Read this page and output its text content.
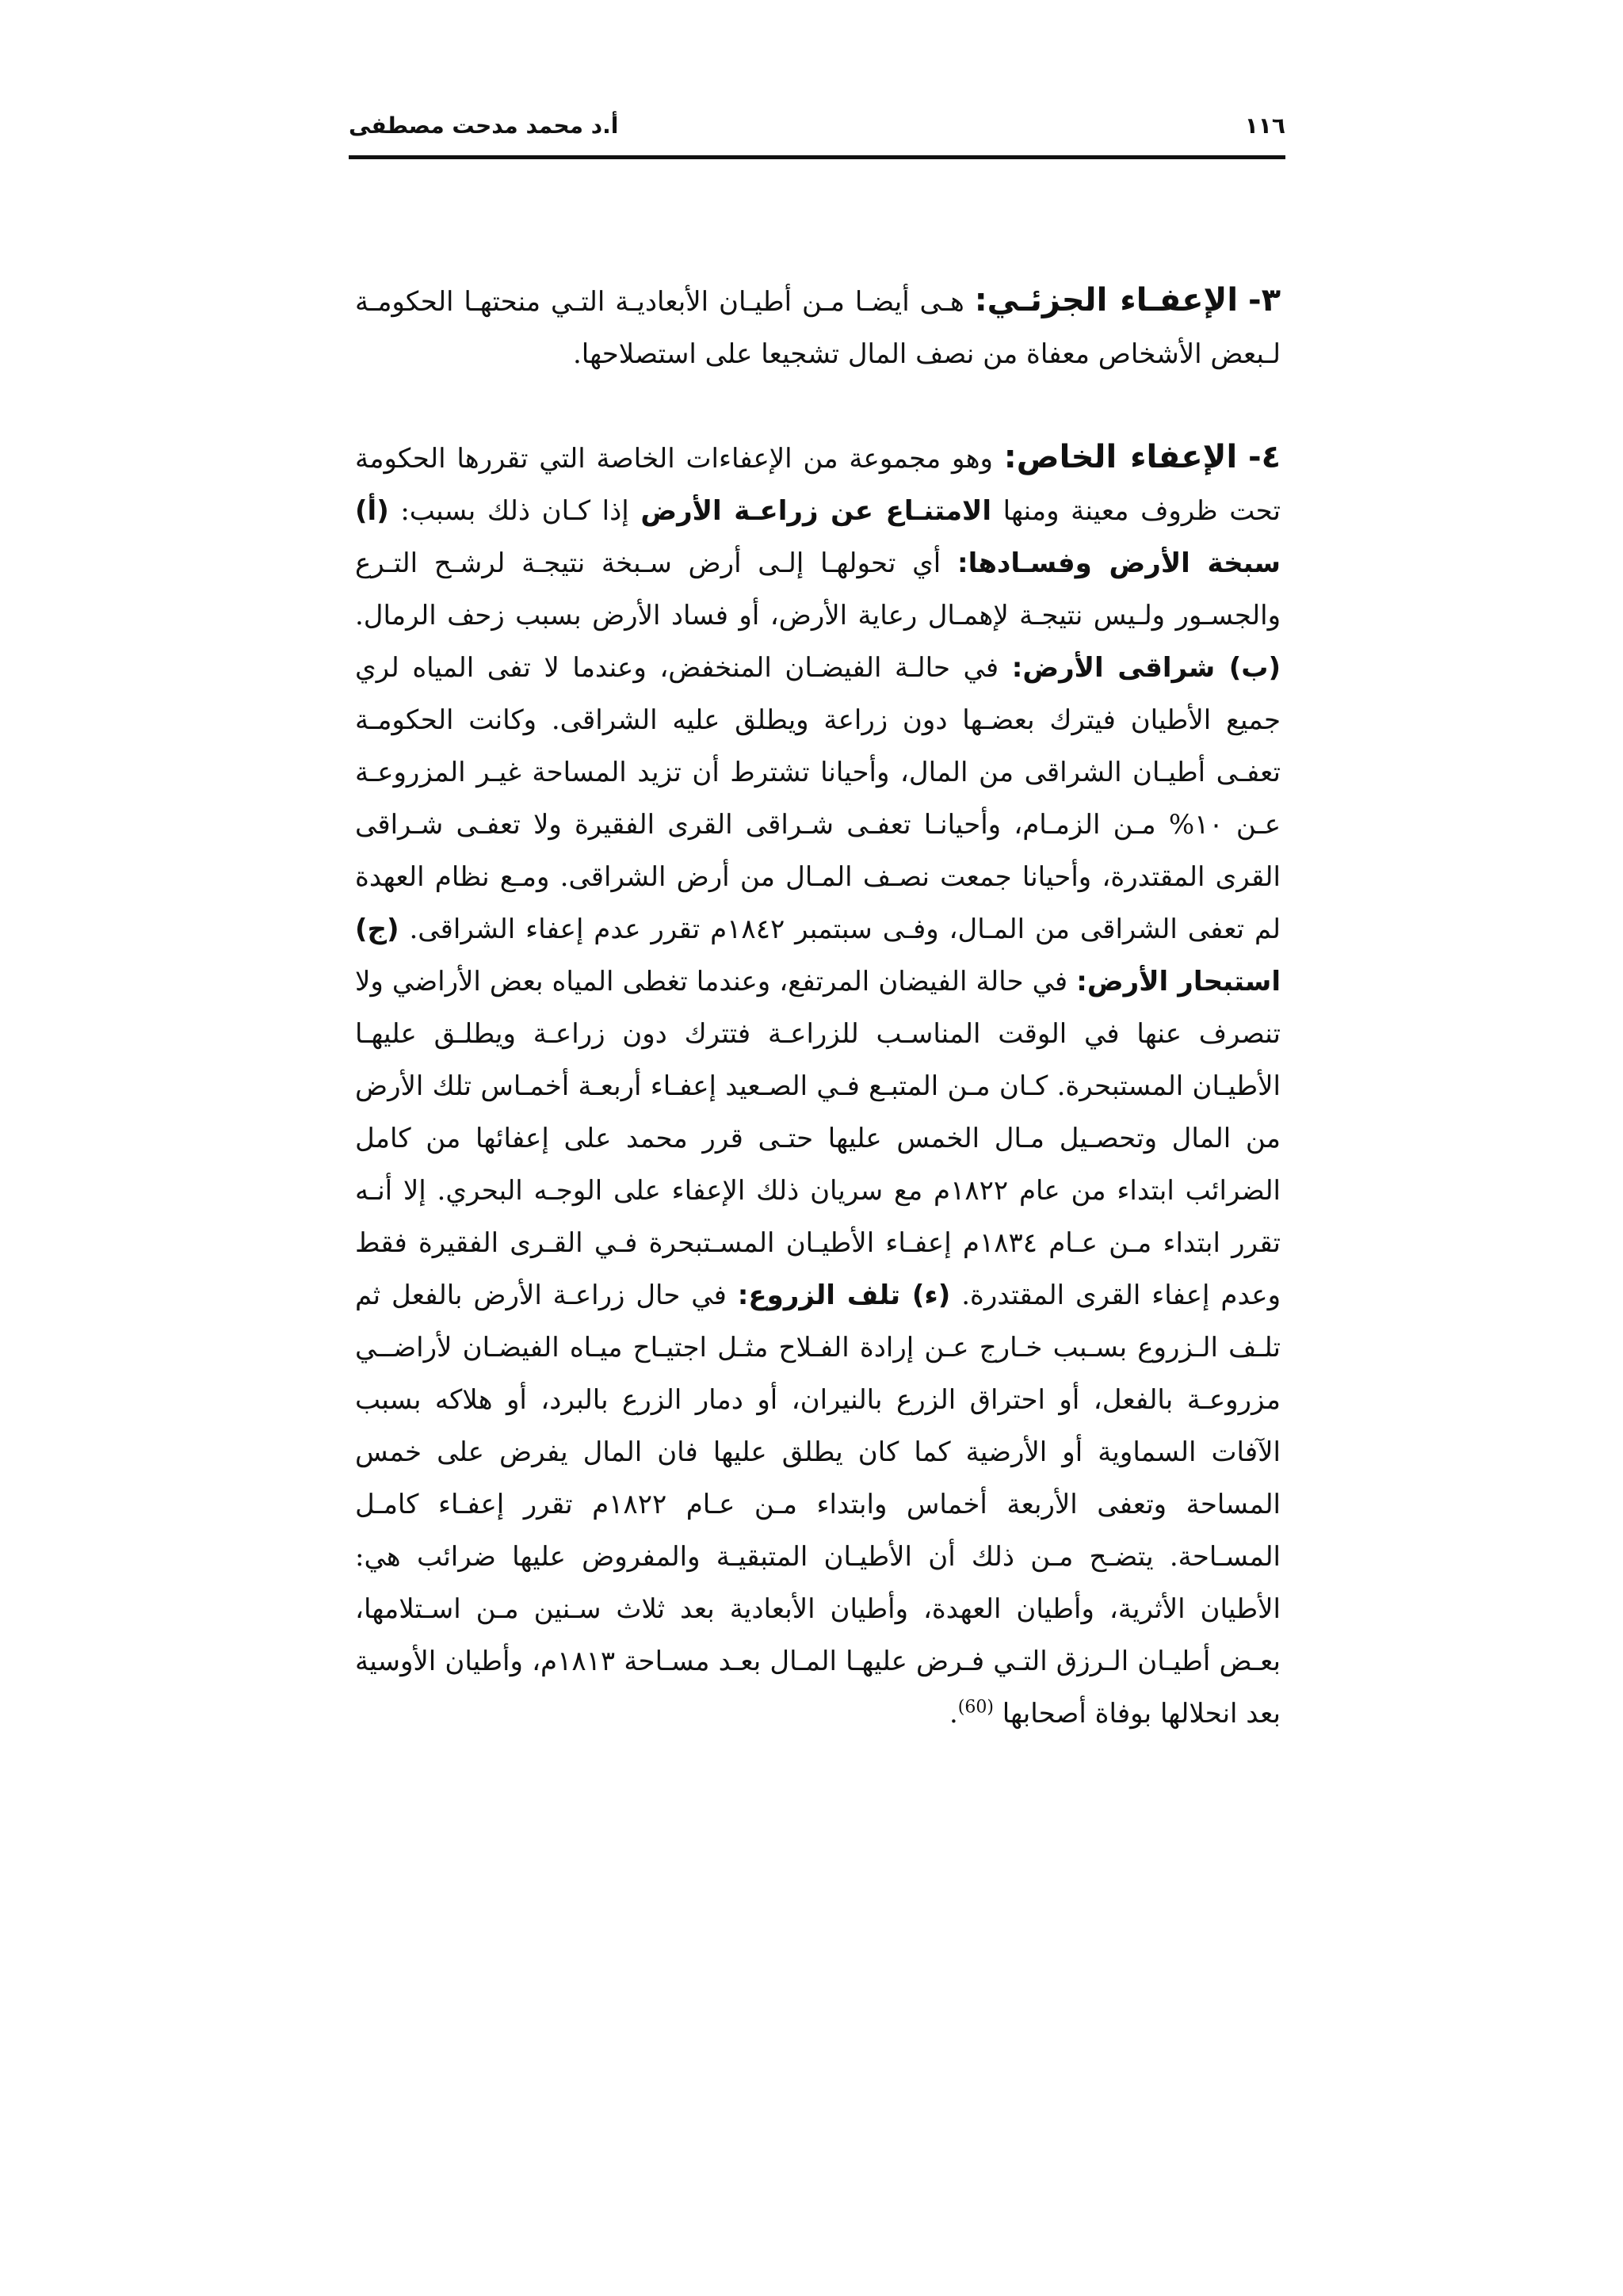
١١٦
أ.د محمد مدحت مصطفى

٣- الإعفـاء الجزئـي: هـى أيضـا مـن أطيـان الأبعاديـة التـي منحتهـا الحكومـة لـبعض الأشخاص معفاة من نصف المال تشجيعا على استصلاحها.

٤- الإعفاء الخاص: وهو مجموعة من الإعفاءات الخاصة التي تقررها الحكومة تحت ظروف معينة ومنها الامتنـاع عن زراعـة الأرض إذا كـان ذلك بسبب: (أ) سبخة الأرض وفسـادها: أي تحولهـا إلـى أرض سـبخة نتيجـة لرشـح التـرع والجسـور ولـيس نتيجـة لإهمـال رعاية الأرض، أو فساد الأرض بسبب زحف الرمال. (ب) شراقى الأرض: في حالـة الفيضـان المنخفض، وعندما لا تفى المياه لري جميع الأطيان فيترك بعضـها دون زراعة ويطلق عليه الشراقى. وكانت الحكومـة تعفـى أطيـان الشراقى من المال، وأحيانا تشترط أن تزيد المساحة غيـر المزروعـة عـن ١٠% مـن الزمـام، وأحيانـا تعفـى شـراقى القرى الفقيرة ولا تعفـى شـراقى القرى المقتدرة، وأحيانا جمعت نصـف المـال من أرض الشراقى. ومـع نظام العهدة لم تعفى الشراقى من المـال، وفـى سبتمبر ١٨٤٢م تقرر عدم إعفاء الشراقى. (ج) استبحار الأرض: في حالة الفيضان المرتفع، وعندما تغطى المياه بعض الأراضي ولا تنصرف عنها في الوقت المناسـب للزراعـة فتترك دون زراعـة ويطلـق عليهـا الأطيـان المستبحرة. كـان مـن المتبـع فـي الصـعيد إعفـاء أربعـة أخمـاس تلك الأرض من المال وتحصـيل مـال الخمس عليها حتـى قرر محمد على إعفائها من كامل الضرائب ابتداء من عام ١٨٢٢م مع سريان ذلك الإعفاء على الوجـه البحري. إلا أنـه تقرر ابتداء مـن عـام ١٨٣٤م إعفـاء الأطيـان المسـتبحرة فـي القـرى الفقيرة فقط وعدم إعفاء القرى المقتدرة. (ء) تلف الزروع: في حال زراعـة الأرض بالفعل ثم تلـف الـزروع بسـبب خـارج عـن إرادة الفـلاح مثـل اجتيـاح ميـاه الفيضـان لأراضــي مزروعـة بالفعل، أو احتراق الزرع بالنيران، أو دمار الزرع بالبرد، أو هلاكه بسبب الآفات السماوية أو الأرضية كما كان يطلق عليها فان المال يفرض على خمس المساحة وتعفى الأربعة أخماس وابتداء مـن عـام ١٨٢٢م تقرر إعفـاء كامـل المسـاحة. يتضـح مـن ذلك أن الأطيـان المتبقيـة والمفروض عليها ضرائب هي: الأطيان الأثرية، وأطيان العهدة، وأطيان الأبعادية بعد ثلاث سـنين مـن اسـتلامها، بعـض أطيـان الـرزق التـي فـرض عليهـا المـال بعـد مسـاحة ١٨١٣م، وأطيان الأوسية بعد انحلالها بوفاة أصحابها $^{(60)}$.
